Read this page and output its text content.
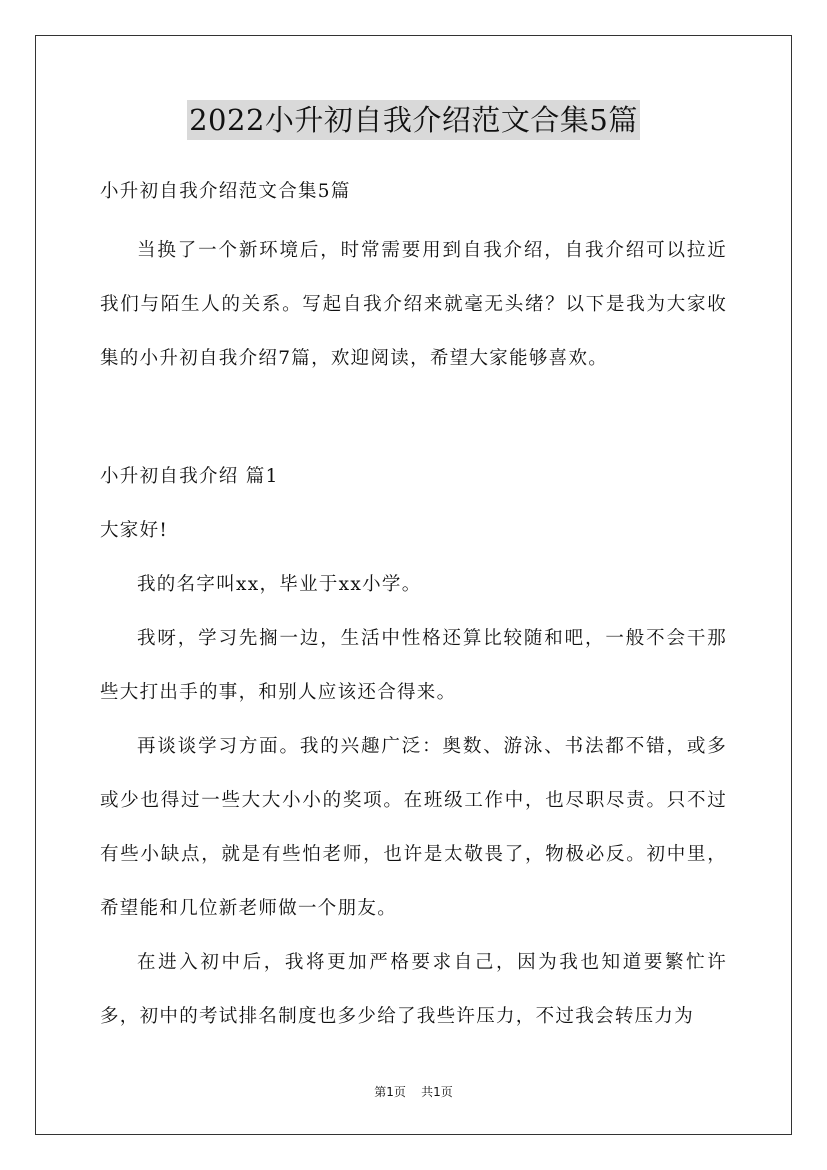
2022小升初自我介绍范文合集5篇

小升初自我介绍范文合集5篇

当换了一个新环境后，时常需要用到自我介绍，自我介绍可以拉近我们与陌生人的关系。写起自我介绍来就毫无头绪？以下是我为大家收集的小升初自我介绍7篇，欢迎阅读，希望大家能够喜欢。

小升初自我介绍 篇1

大家好!

我的名字叫xx，毕业于xx小学。

我呀，学习先搁一边，生活中性格还算比较随和吧，一般不会干那些大打出手的事，和别人应该还合得来。

再谈谈学习方面。我的兴趣广泛：奥数、游泳、书法都不错，或多或少也得过一些大大小小的奖项。在班级工作中，也尽职尽责。只不过有些小缺点，就是有些怕老师，也许是太敬畏了，物极必反。初中里，希望能和几位新老师做一个朋友。

在进入初中后，我将更加严格要求自己，因为我也知道要繁忙许多，初中的考试排名制度也多少给了我些许压力，不过我会转压力为

第1页 共1页
